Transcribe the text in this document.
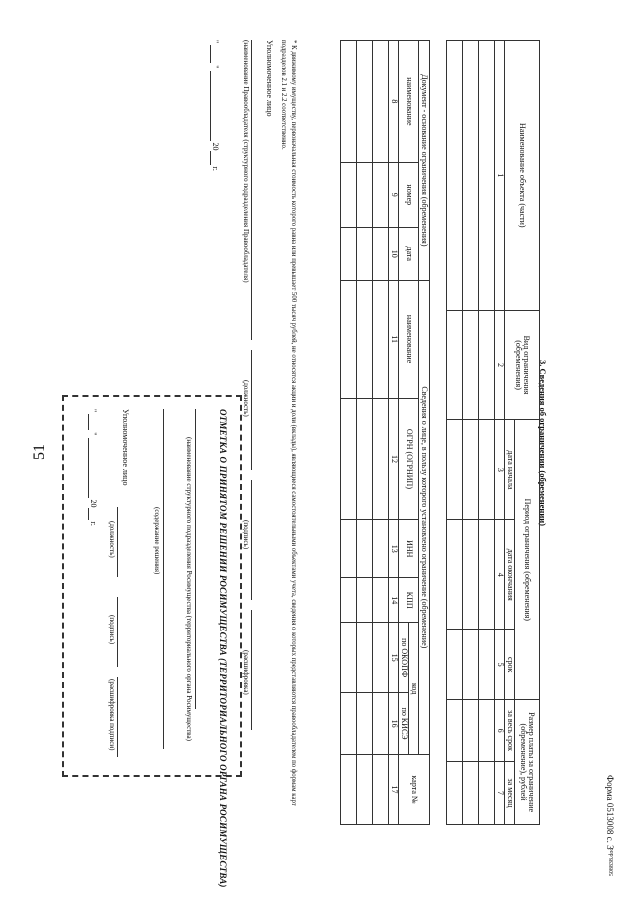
51
508838.doc
Форма 0513008 с. 3
3. Сведения об ограничении (обременении)
Наименование объекта (части)	Вид ограничения (обременения)	Период ограничения (обременения)			Размер платы за ограничение (обременение), рублей	
		дата начала	дата окончания	срок	за весь срок	за месяц
1	2	3	4	5	6	7

Документ - основание ограничения (обременения)			Сведения о лице, в пользу которого установлено ограничение (обременение)						карта №
наименование	номер	дата	наименование	ОГРН (ОГРНИП)	ИНН	КПП	код		
							по ОКОПФ	по КИСЭ	
8	9	10	11	12	13	14	15	16	17

* К движимому имуществу, первоначальная стоимость которого равна или превышает 500 тысяч рублей, не относятся акции и доли (вклады), являющиеся самостоятельными объектами учета, сведения о которых представляются правообладателем по формам карт подразделов 2.1 и 2.2 соответственно.
Уполномоченное лицо
(наименование Правообладателя (структурного подразделения Правообладателя)
(должность)
(подпись)
(расшифровка)
"   "   20  г.
ОТМЕТКА О ПРИНЯТОМ РЕШЕНИИ РОСИМУЩЕСТВА (ТЕРРИТОРИАЛЬНОГО ОРГАНА РОСИМУЩЕСТВА)
(наименование структурного подразделения Росимущества (территориального органа Росимущества)
(содержание решения)
Уполномоченное лицо
(должность)
(подпись)
(расшифровка подписи)
"   "   20  г.
